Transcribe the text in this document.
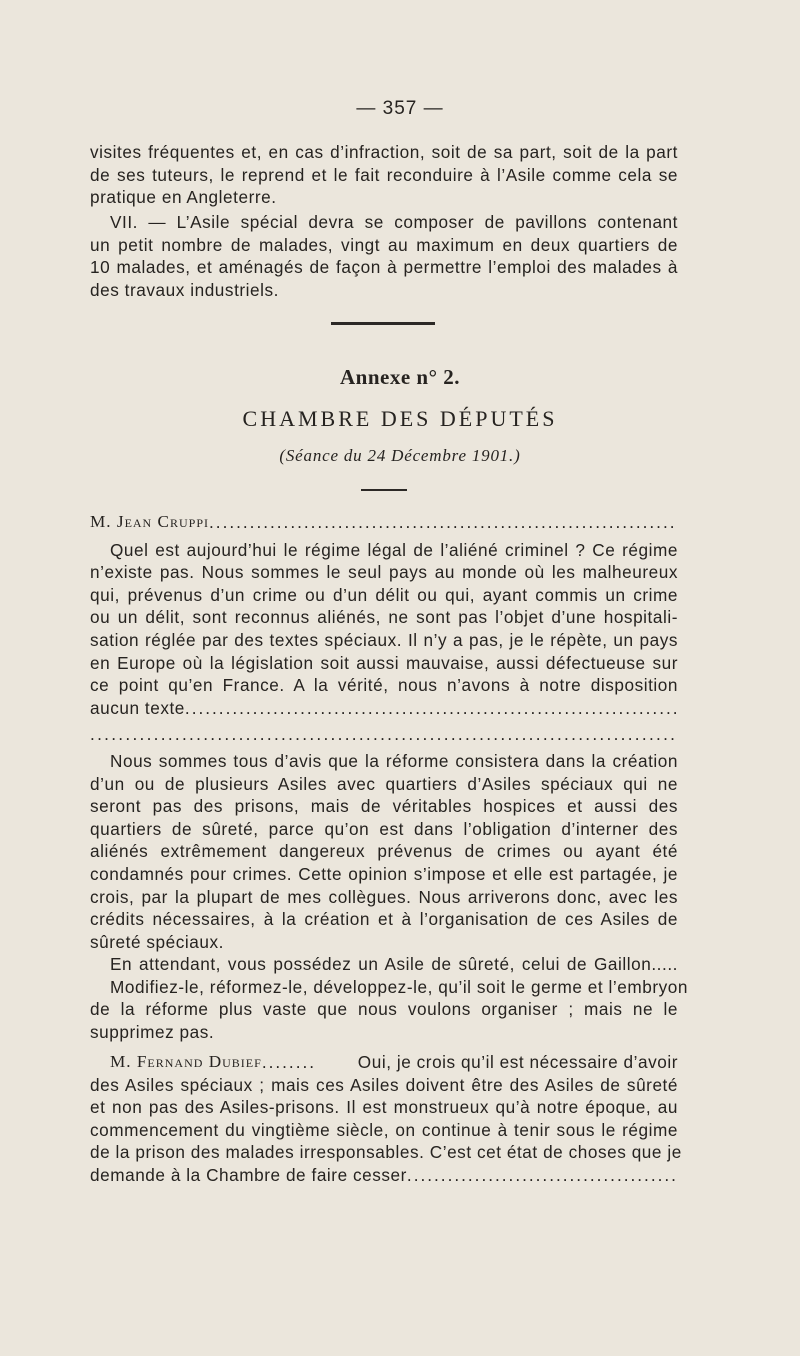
— 357 —
visites fréquentes et, en cas d’infraction, soit de sa part, soit de la part
de ses tuteurs, le reprend et le fait reconduire à l’Asile comme cela se
pratique en Angleterre.
VII. — L’Asile spécial devra se composer de pavillons contenant
un petit nombre de malades, vingt au maximum en deux quartiers de
10 malades, et aménagés de façon à permettre l’emploi des malades à
des travaux industriels.
Annexe n° 2.
CHAMBRE DES DÉPUTÉS
(Séance du 24 Décembre 1901.)
M. Jean Cruppi
.....
Quel est aujourd’hui le régime légal de l’aliéné criminel ? Ce régime
n’existe pas. Nous sommes le seul pays au monde où les malheureux
qui, prévenus d’un crime ou d’un délit ou qui, ayant commis un crime
ou un délit, sont reconnus aliénés, ne sont pas l’objet d’une hospitali-
sation réglée par des textes spéciaux. Il n’y a pas, je le répète, un pays
en Europe où la législation soit aussi mauvaise, aussi défectueuse sur
ce point qu’en France. A la vérité, nous n’avons à notre disposition
aucun texte
.....
.....
Nous sommes tous d’avis que la réforme consistera dans la création
d’un ou de plusieurs Asiles avec quartiers d’Asiles spéciaux qui ne
seront pas des prisons, mais de véritables hospices et aussi des
quartiers de sûreté, parce qu’on est dans l’obligation d’interner des
aliénés extrêmement dangereux prévenus de crimes ou ayant été
condamnés pour crimes. Cette opinion s’impose et elle est partagée, je
crois, par la plupart de mes collègues. Nous arriverons donc, avec les
crédits nécessaires, à la création et à l’organisation de ces Asiles de
sûreté spéciaux.
En attendant, vous possédez un Asile de sûreté, celui de Gaillon.....
Modifiez-le, réformez-le, développez-le, qu’il soit le germe et l’embryon
de la réforme plus vaste que nous voulons organiser ; mais ne le
supprimez pas.
M. Fernand Dubief ........	Oui, je crois qu’il est nécessaire d’avoir
des Asiles spéciaux ; mais ces Asiles doivent être des Asiles de sûreté
et non pas des Asiles-prisons. Il est monstrueux qu’à notre époque, au
commencement du vingtième siècle, on continue à tenir sous le régime
de la prison des malades irresponsables. C’est cet état de choses que je
demande à la Chambre de faire cesser
.....
